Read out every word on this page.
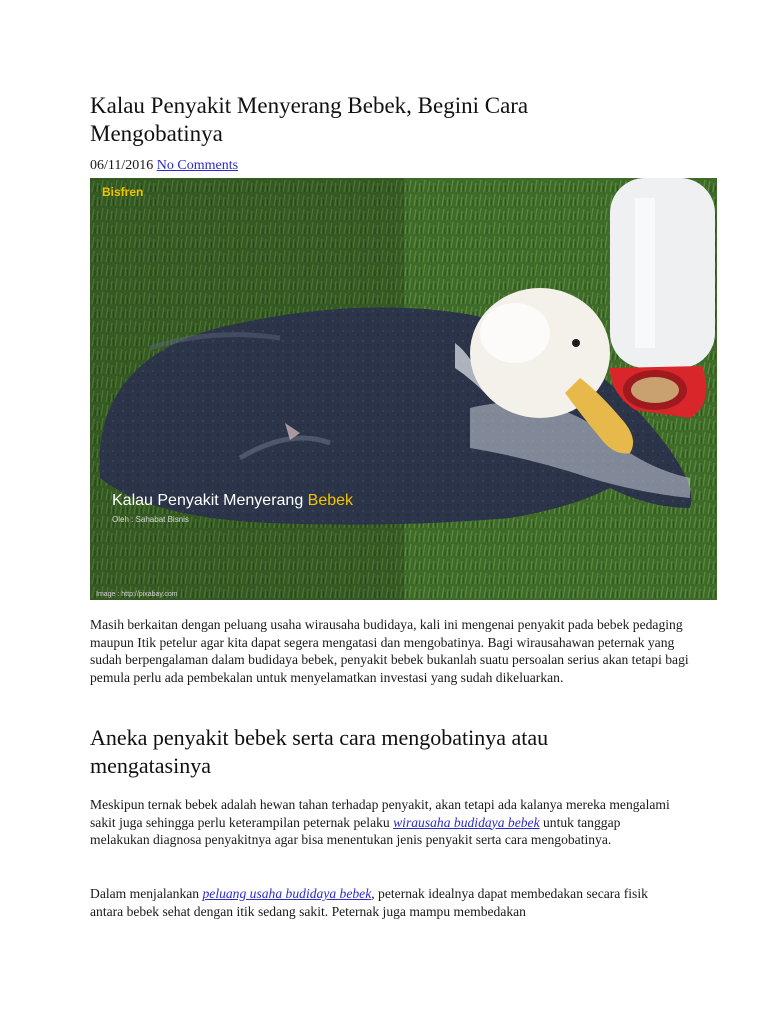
Kalau Penyakit Menyerang Bebek, Begini Cara Mengobatinya
06/11/2016 No Comments
Bisfren
Kalau Penyakit Menyerang Bebek
Oleh : Sahabat Bisnis
Image : http://pixabay.com

Masih berkaitan dengan peluang usaha wirausaha budidaya, kali ini mengenai penyakit pada bebek pedaging maupun Itik petelur agar kita dapat segera mengatasi dan mengobatinya. Bagi wirausahawan peternak yang sudah berpengalaman dalam budidaya bebek, penyakit bebek bukanlah suatu persoalan serius akan tetapi bagi pemula perlu ada pembekalan untuk menyelamatkan investasi yang sudah dikeluarkan.

Aneka penyakit bebek serta cara mengobatinya atau mengatasinya

Meskipun ternak bebek adalah hewan tahan terhadap penyakit, akan tetapi ada kalanya mereka mengalami sakit juga sehingga perlu keterampilan peternak pelaku wirausaha budidaya bebek untuk tanggap melakukan diagnosa penyakitnya agar bisa menentukan jenis penyakit serta cara mengobatinya.

Dalam menjalankan peluang usaha budidaya bebek, peternak idealnya dapat membedakan secara fisik antara bebek sehat dengan itik sedang sakit. Peternak juga mampu membedakan
